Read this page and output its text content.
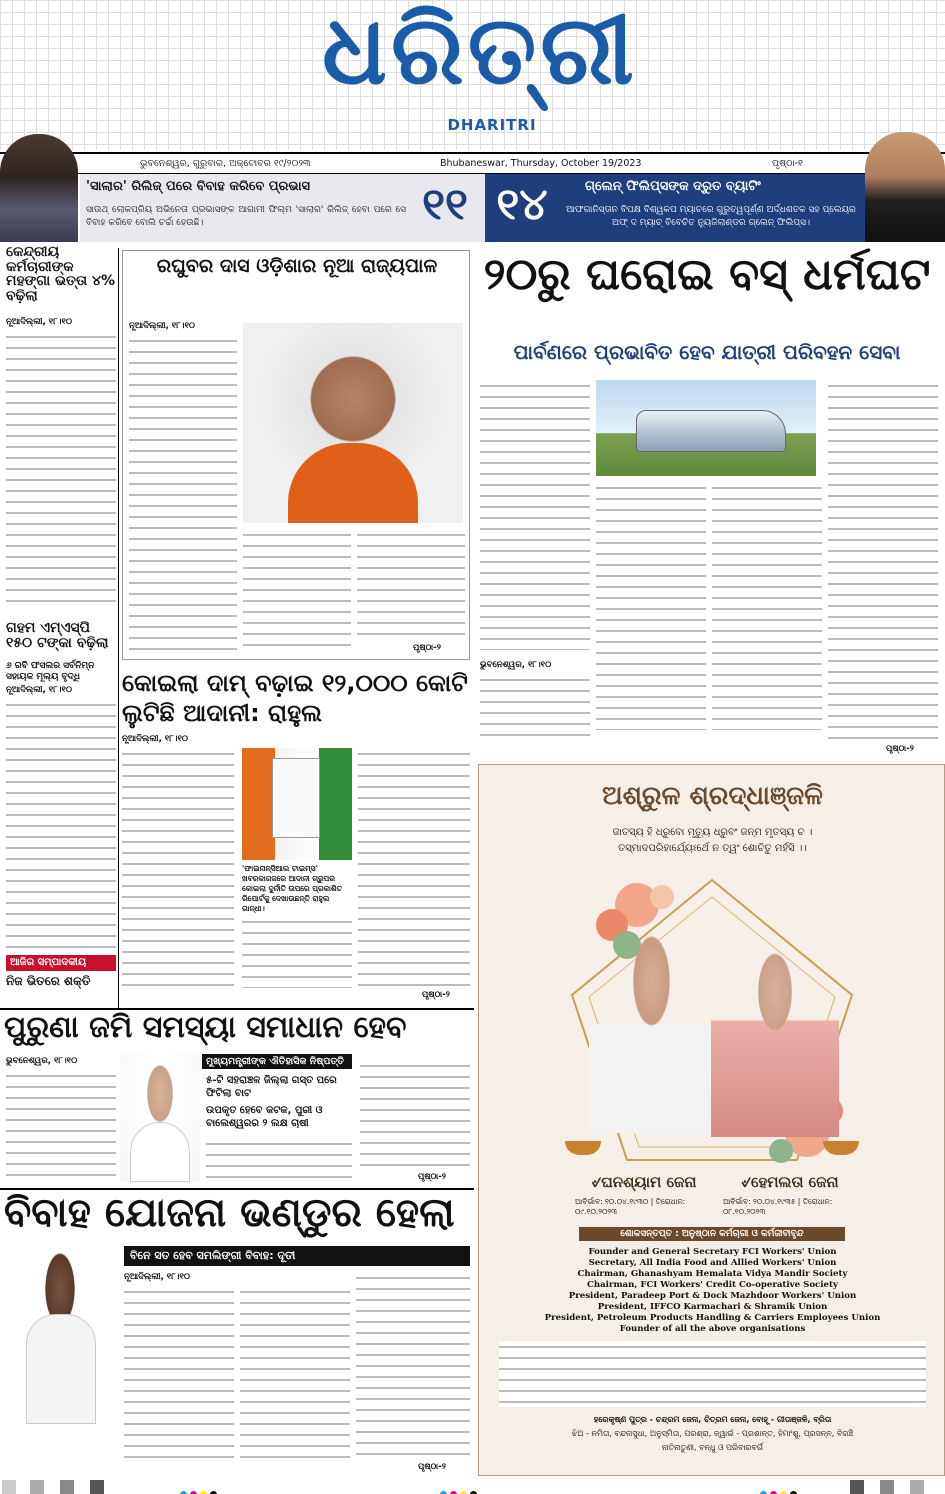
ଧରିତ୍ରୀ
DHARITRI
ଭୁବନେଶ୍ୱର, ଗୁରୁବାର, ଅକ୍ଟୋବର ୧୯/୨୦୨୩	Bhubaneswar, Thursday, October 19/2023	ପୃଷ୍ଠା-୧
'ସାଲାର' ରିଲିଜ୍ ପରେ ବିବାହ କରିବେ ପ୍ରଭାସ
ସାଉଥ୍ ଲୋକପ୍ରିୟ ଅଭିନେତା ପ୍ରଭାସଙ୍କ ଆଗାମୀ ଫିଲ୍ମ 'ସାଲାର' ରିଲିଜ୍ ହେବା ପରେ ସେ ବିବାହ କରିବେ ବୋଲି ଚର୍ଚ୍ଚା ହେଉଛି।	୧୧ ୧୪	ଗ୍ଲେନ୍ ଫିଲିପ୍ସଙ୍କ ଦ୍ରୁତ ବ୍ୟାଟିଂ
ଆଫଗାନିସ୍ତାନ ବିପକ୍ଷ ବିଶ୍ୱକପ ମ୍ୟାଚରେ ଗୁରୁତ୍ୱପୂର୍ଣ୍ଣ ଅର୍ଦ୍ଧଶତକ ସହ ପ୍ଲେୟର ଅଫ୍ ଦ ମ୍ୟାଚ୍ ବିବେଚିତ ନ୍ୟୁଜିଲାଣ୍ଡର ଗ୍ଲେନ୍ ଫିଲିପ୍ସ।
କେନ୍ଦ୍ରୀୟ କର୍ମଚାରୀଙ୍କ ମହଙ୍ଗା ଭତ୍ତା ୪% ବଢ଼ିଲା
ନୂଆଦିଲ୍ଲୀ, ୧୮।୧୦
ଗହମ ଏମ୍ଏସ୍‌ପି ୧୫୦ ଟଙ୍କା ବଢ଼ିଲା
୬ ରବି ଫସଲର ସର୍ବନିମ୍ନ ସହାୟକ ମୂଲ୍ୟ ବୃଦ୍ଧି
ନୂଆଦିଲ୍ଲୀ, ୧୮।୧୦
ଆଜିର ସମ୍ପାଦକୀୟ
ନିଜ ଭିତରେ ଶକ୍ତି
ରଘୁବର ଦାସ ଓଡ଼ିଶାର ନୂଆ ରାଜ୍ୟପାଳ
ନୂଆଦିଲ୍ଲୀ, ୧୮।୧୦
ପୃଷ୍ଠା-୨
୨୦ରୁ ଘରୋଇ ବସ୍ ଧର୍ମଘଟ
ପାର୍ବଣରେ ପ୍ରଭାବିତ ହେବ ଯାତ୍ରୀ ପରିବହନ ସେବା
ଭୁବନେଶ୍ୱର, ୧୮।୧୦
ପୃଷ୍ଠା-୨
କୋଇଲା ଦାମ୍ ବଢ଼ାଇ ୧୨,୦୦୦ କୋଟି ଲୁଟିଛି ଆଦାନୀ: ରାହୁଲ
ନୂଆଦିଲ୍ଲୀ, ୧୮।୧୦
'ଫାଇନାନ୍ସିଆଲ ଟାଇମ୍ସ' ଖବରକାଗଜରେ ଆଦାନୀ ଗ୍ରୁପର କୋଇଲା ଦୁର୍ନୀତି ଉପରେ ପ୍ରକାଶିତ ରିପୋର୍ଟକୁ ଦେଖାଉଛନ୍ତି ରାହୁଲ ଗାନ୍ଧୀ।
ପୃଷ୍ଠା-୨
ପୁରୁଣା ଜମି ସମସ୍ୟା ସମାଧାନ ହେବ
ଭୁବନେଶ୍ୱର, ୧୮।୧୦	ମୁଖ୍ୟମନ୍ତ୍ରୀଙ୍କ ଐତିହାସିକ ନିଷ୍ପତ୍ତି
୫-ଟି ସହରାଞ୍ଚଳ ଜିଲ୍ଲା ଗସ୍ତ ପରେ ଫିଟିଲା ବାଟ
ଉପକୃତ ହେବେ କଟକ, ପୁରୀ ଓ ବାଲେଶ୍ୱରର ୨ ଲକ୍ଷ ଚାଷୀ
ପୃଷ୍ଠା-୨
ବିବାହ ଯୋଜନା ଭଣ୍ଡୁର ହେଲା
ବିନେ ସତ ହେବ ସମଲିଙ୍ଗୀ ବିବାହ: ଦୂତୀ
ନୂଆଦିଲ୍ଲୀ, ୧୮।୧୦
ପୃଷ୍ଠା-୨
ଅଶ୍ରୁଳ ଶ୍ରଦ୍ଧାଞ୍ଜଳି
ଜାତସ୍ୟ ହି ଧ୍ରୁବୋ ମୃତ୍ୟୁ ଧ୍ରୁବଂ ଜନ୍ମ ମୃତସ୍ୟ ଚ ।
ତସ୍ମାଦପରିହାର୍ଯ୍ୟେଽର୍ଥେ ନ ତ୍ୱଂ ଶୋଚିତୁ ମର୍ହସି ।।
୰ଘନଶ୍ୟାମ ଜେନା
ଆବିର୍ଭାବ: ୧୦.୦୪.୧୯୩୦ | ତିରୋଧାନ: ୦୯.୧୦.୨୦୨୩
୰ହେମଲତା ଜେନା
ଆବିର୍ଭାବ: ୨୦.୦୪.୧୯୩୫ | ତିରୋଧାନ: ୦୮.୧୦.୨୦୨୩
ଶୋକସନ୍ତପ୍ତ : ଅନୁଷ୍ଠାନ କର୍ମଚାରୀ ଓ କର୍ମଜୀବୀବୃନ୍ଦ
Founder and General Secretary FCI Workers' Union
Secretary, All India Food and Allied Workers' Union
Chairman, Ghanashyam Hemalata Vidya Mandir Society
Chairman, FCI Workers' Credit Co-operative Society
President, Paradeep Port & Dock Mazhdoor Workers' Union
President, IFFCO Karmachari & Shramik Union
President, Petroleum Products Handling & Carriers Employees Union
Founder of all the above organisations
ହରେକୃଷ୍ଣ ପୁତ୍ର - ଚନ୍ଦ୍ରମ ଜେନା, ଚିତ୍ରମ ଜେନା, ବୋହୂ - ଗୀତାଞ୍ଜଳି, ବ୍ରିତା
ଝିଅ - ନମିତା, ବନ୍ଦନାସୁଧା, ଅନୁସ୍ମିତା, ପରଶ୍ରା, ଜ୍ୱାଇଁ - ପ୍ରଶାନ୍ତ, ହିମାଂଶୁ, ପ୍ରସନ୍ନ, ବିରଞ୍ଚି
ନାତିନାତୁଣୀ, ବନ୍ଧୁ ଓ ପରିବାରବର୍ଗ
